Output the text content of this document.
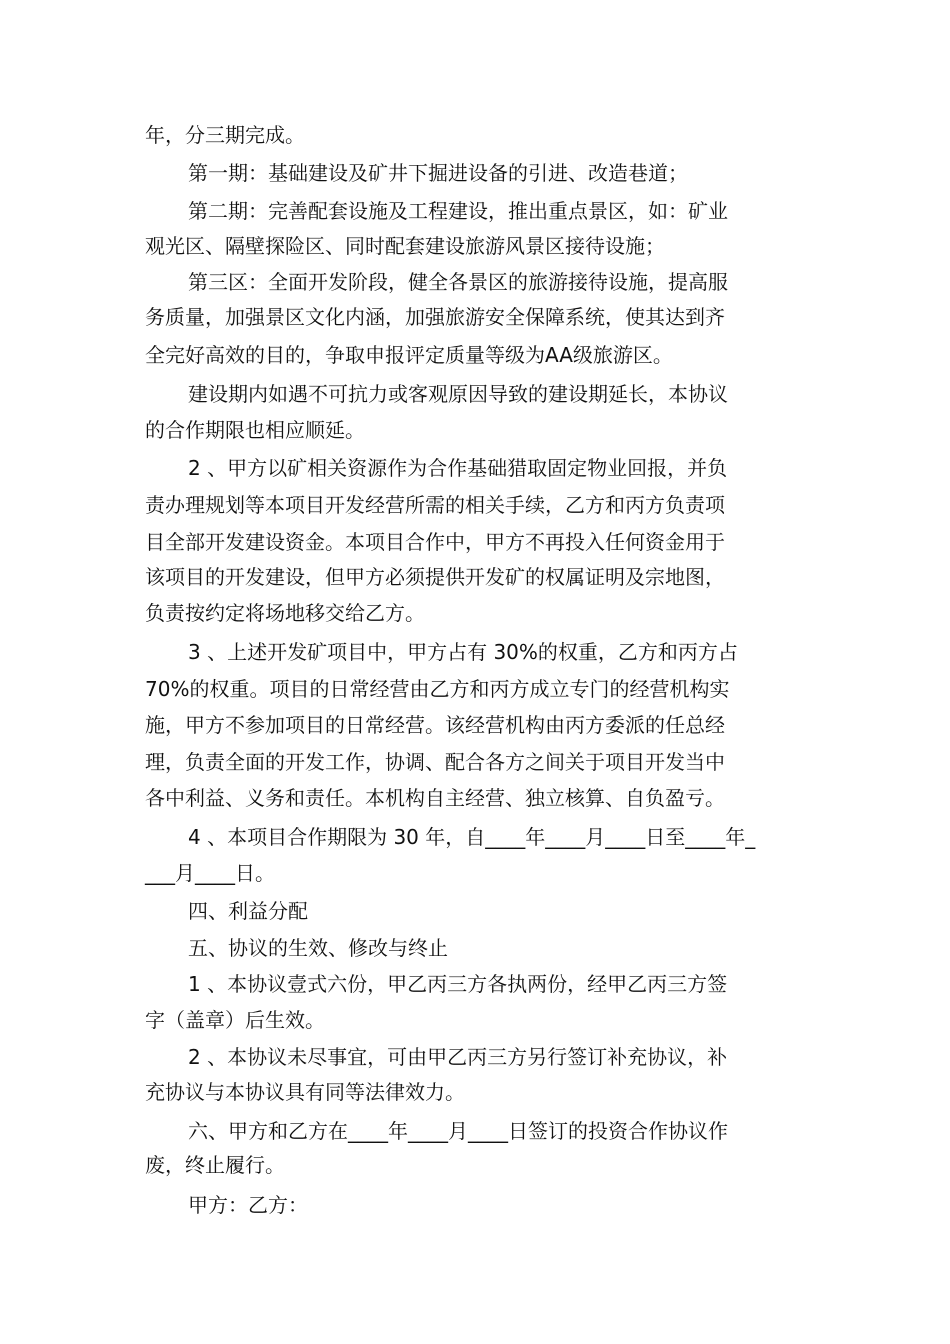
年，分三期完成。

第一期：基础建设及矿井下掘进设备的引进、改造巷道；

第二期：完善配套设施及工程建设，推出重点景区，如：矿业

观光区、隔壁探险区、同时配套建设旅游风景区接待设施；

第三区：全面开发阶段，健全各景区的旅游接待设施，提高服

务质量，加强景区文化内涵，加强旅游安全保障系统，使其达到齐

全完好高效的目的，争取申报评定质量等级为AA级旅游区。

建设期内如遇不可抗力或客观原因导致的建设期延长，本协议

的合作期限也相应顺延。

2 、甲方以矿相关资源作为合作基础猎取固定物业回报，并负

责办理规划等本项目开发经营所需的相关手续，乙方和丙方负责项

目全部开发建设资金。本项目合作中，甲方不再投入任何资金用于

该项目的开发建设，但甲方必须提供开发矿的权属证明及宗地图，

负责按约定将场地移交给乙方。

3 、上述开发矿项目中，甲方占有 30%的权重，乙方和丙方占

70%的权重。项目的日常经营由乙方和丙方成立专门的经营机构实

施，甲方不参加项目的日常经营。该经营机构由丙方委派的任总经

理，负责全面的开发工作，协调、配合各方之间关于项目开发当中

各中利益、义务和责任。本机构自主经营、独立核算、自负盈亏。

4 、本项目合作期限为 30 年，自____年____月____日至____年_

___月____日。

四、利益分配

五、协议的生效、修改与终止

1 、本协议壹式六份，甲乙丙三方各执两份，经甲乙丙三方签

字（盖章）后生效。

2 、本协议未尽事宜，可由甲乙丙三方另行签订补充协议，补

充协议与本协议具有同等法律效力。

六、甲方和乙方在____年____月____日签订的投资合作协议作

废，终止履行。

甲方：乙方：
